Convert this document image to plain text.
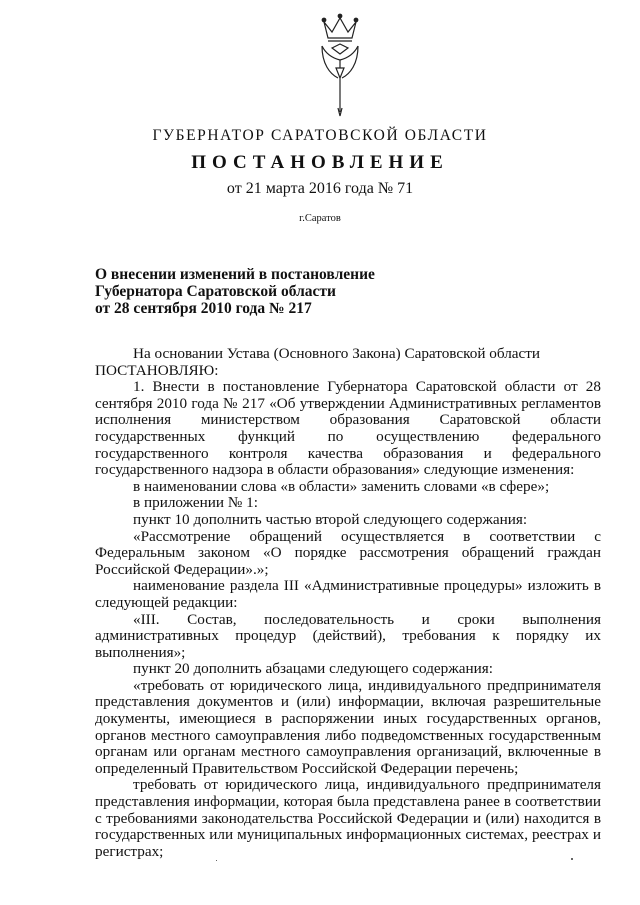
ГУБЕРНАТОР САРАТОВСКОЙ ОБЛАСТИ
ПОСТАНОВЛЕНИЕ
от 21 марта 2016 года № 71
г.Саратов
О внесении изменений в постановление
Губернатора Саратовской области
от 28 сентября 2010 года № 217

На основании Устава (Основного Закона) Саратовской области

ПОСТАНОВЛЯЮ:

1. Внести в постановление Губернатора Саратовской области от 28 сентября 2010 года № 217 «Об утверждении Административных регламентов исполнения министерством образования Саратовской области государственных функций по осуществлению федерального государственного контроля качества образования и федерального государственного надзора в области образования» следующие изменения:

в наименовании слова «в области» заменить словами «в сфере»;

в приложении № 1:

пункт 10 дополнить частью второй следующего содержания:

«Рассмотрение обращений осуществляется в соответствии с Федеральным законом «О порядке рассмотрения обращений граждан Российской Федерации».»;

наименование раздела III «Административные процедуры» изложить в следующей редакции:

«III. Состав, последовательность и сроки выполнения административных процедур (действий), требования к порядку их выполнения»;

пункт 20 дополнить абзацами следующего содержания:

«требовать от юридического лица, индивидуального предпринимателя представления документов и (или) информации, включая разрешительные документы, имеющиеся в распоряжении иных государственных органов, органов местного самоуправления либо подведомственных государственным органам или органам местного самоуправления организаций, включенные в определенный Правительством Российской Федерации перечень;

требовать от юридического лица, индивидуального предпринимателя представления информации, которая была представлена ранее в соответствии с требованиями законодательства Российской Федерации и (или) находится в государственных или муниципальных информационных системах, реестрах и регистрах;
